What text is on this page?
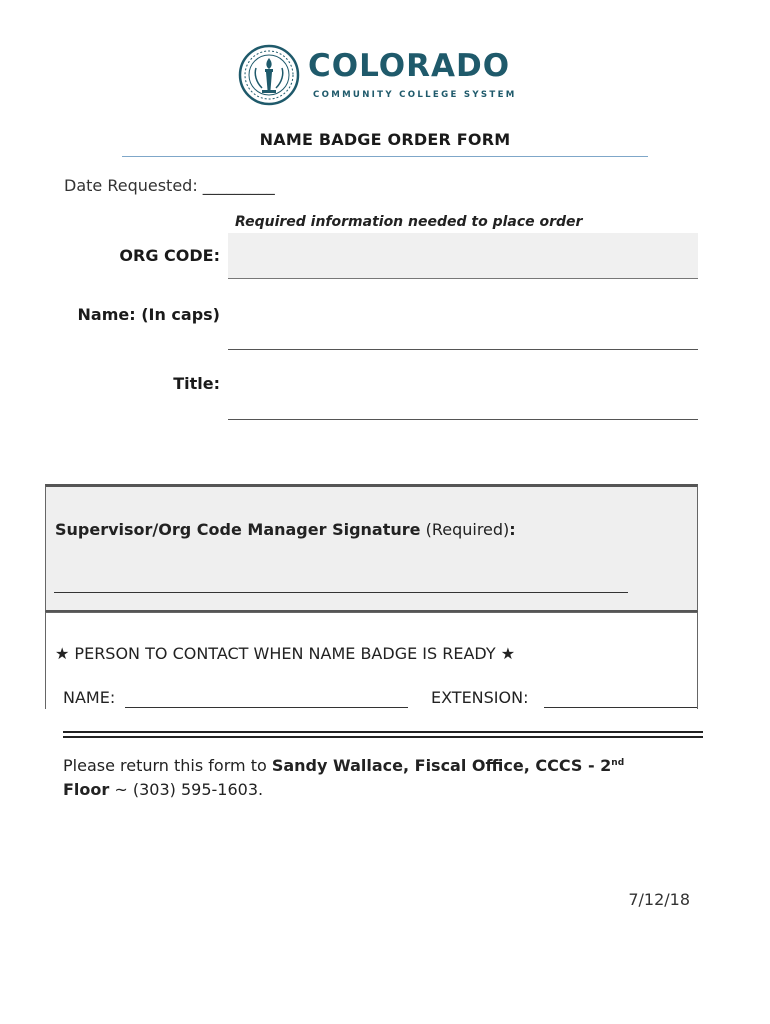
COLORADO
COMMUNITY COLLEGE SYSTEM
NAME BADGE ORDER FORM
Date Requested: _________
Required information needed to place order
ORG CODE:
Name: (In caps)
Title:
Supervisor/Org Code Manager Signature (Required):
★ PERSON TO CONTACT WHEN NAME BADGE IS READY ★
NAME:	EXTENSION:
Please return this form to Sandy Wallace, Fiscal Office, CCCS - 2nd
Floor ~ (303) 595-1603.
7/12/18
